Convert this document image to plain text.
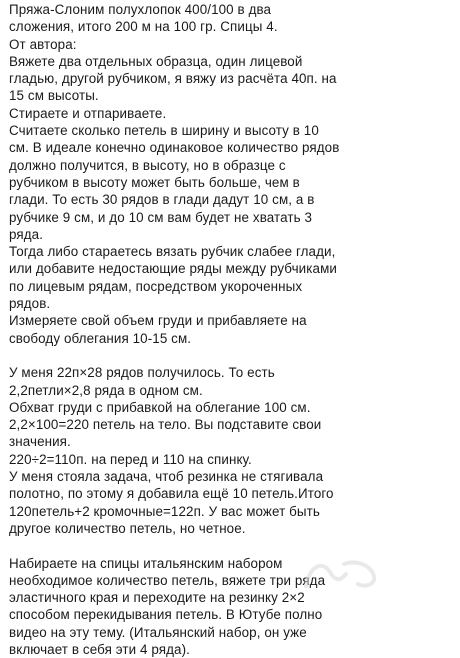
Пряжа-Слоним полухлопок 400/100 в два
сложения, итого 200 м на 100 гр. Спицы 4.
От автора:
Вяжете два отдельных образца, один лицевой
гладью, другой рубчиком, я вяжу из расчёта 40п. на
15 см высоты.
Стираете и отпариваете.
Считаете сколько петель в ширину и высоту в 10
см. В идеале конечно одинаковое количество рядов
должно получится, в высоту, но в образце с
рубчиком в высоту может быть больше, чем в
глади. То есть 30 рядов в глади дадут 10 см, а в
рубчике 9 см, и до 10 см вам будет не хватать 3
ряда.
Тогда либо стараетесь вязать рубчик слабее глади,
или добавите недостающие ряды между рубчиками
по лицевым рядам, посредством укороченных
рядов.
Измеряете свой объем груди и прибавляете на
свободу облегания 10-15 см.
У меня 22п×28 рядов получилось. То есть
2,2петли×2,8 ряда в одном см.
Обхват груди с прибавкой на облегание 100 см.
2,2×100=220 петель на тело. Вы подставите свои
значения.
220÷2=110п. на перед и 110 на спинку.
У меня стояла задача, чтоб резинка не стягивала
полотно, по этому я добавила ещё 10 петель.Итого
120петель+2 кромочные=122п. У вас может быть
другое количество петель, но четное.
Набираете на спицы итальянским набором
необходимое количество петель, вяжете три ряда
эластичного края и переходите на резинку 2×2
способом перекидывания петель. В Ютубе полно
видео на эту тему. (Итальянский набор, он уже
включает в себя эти 4 ряда).
